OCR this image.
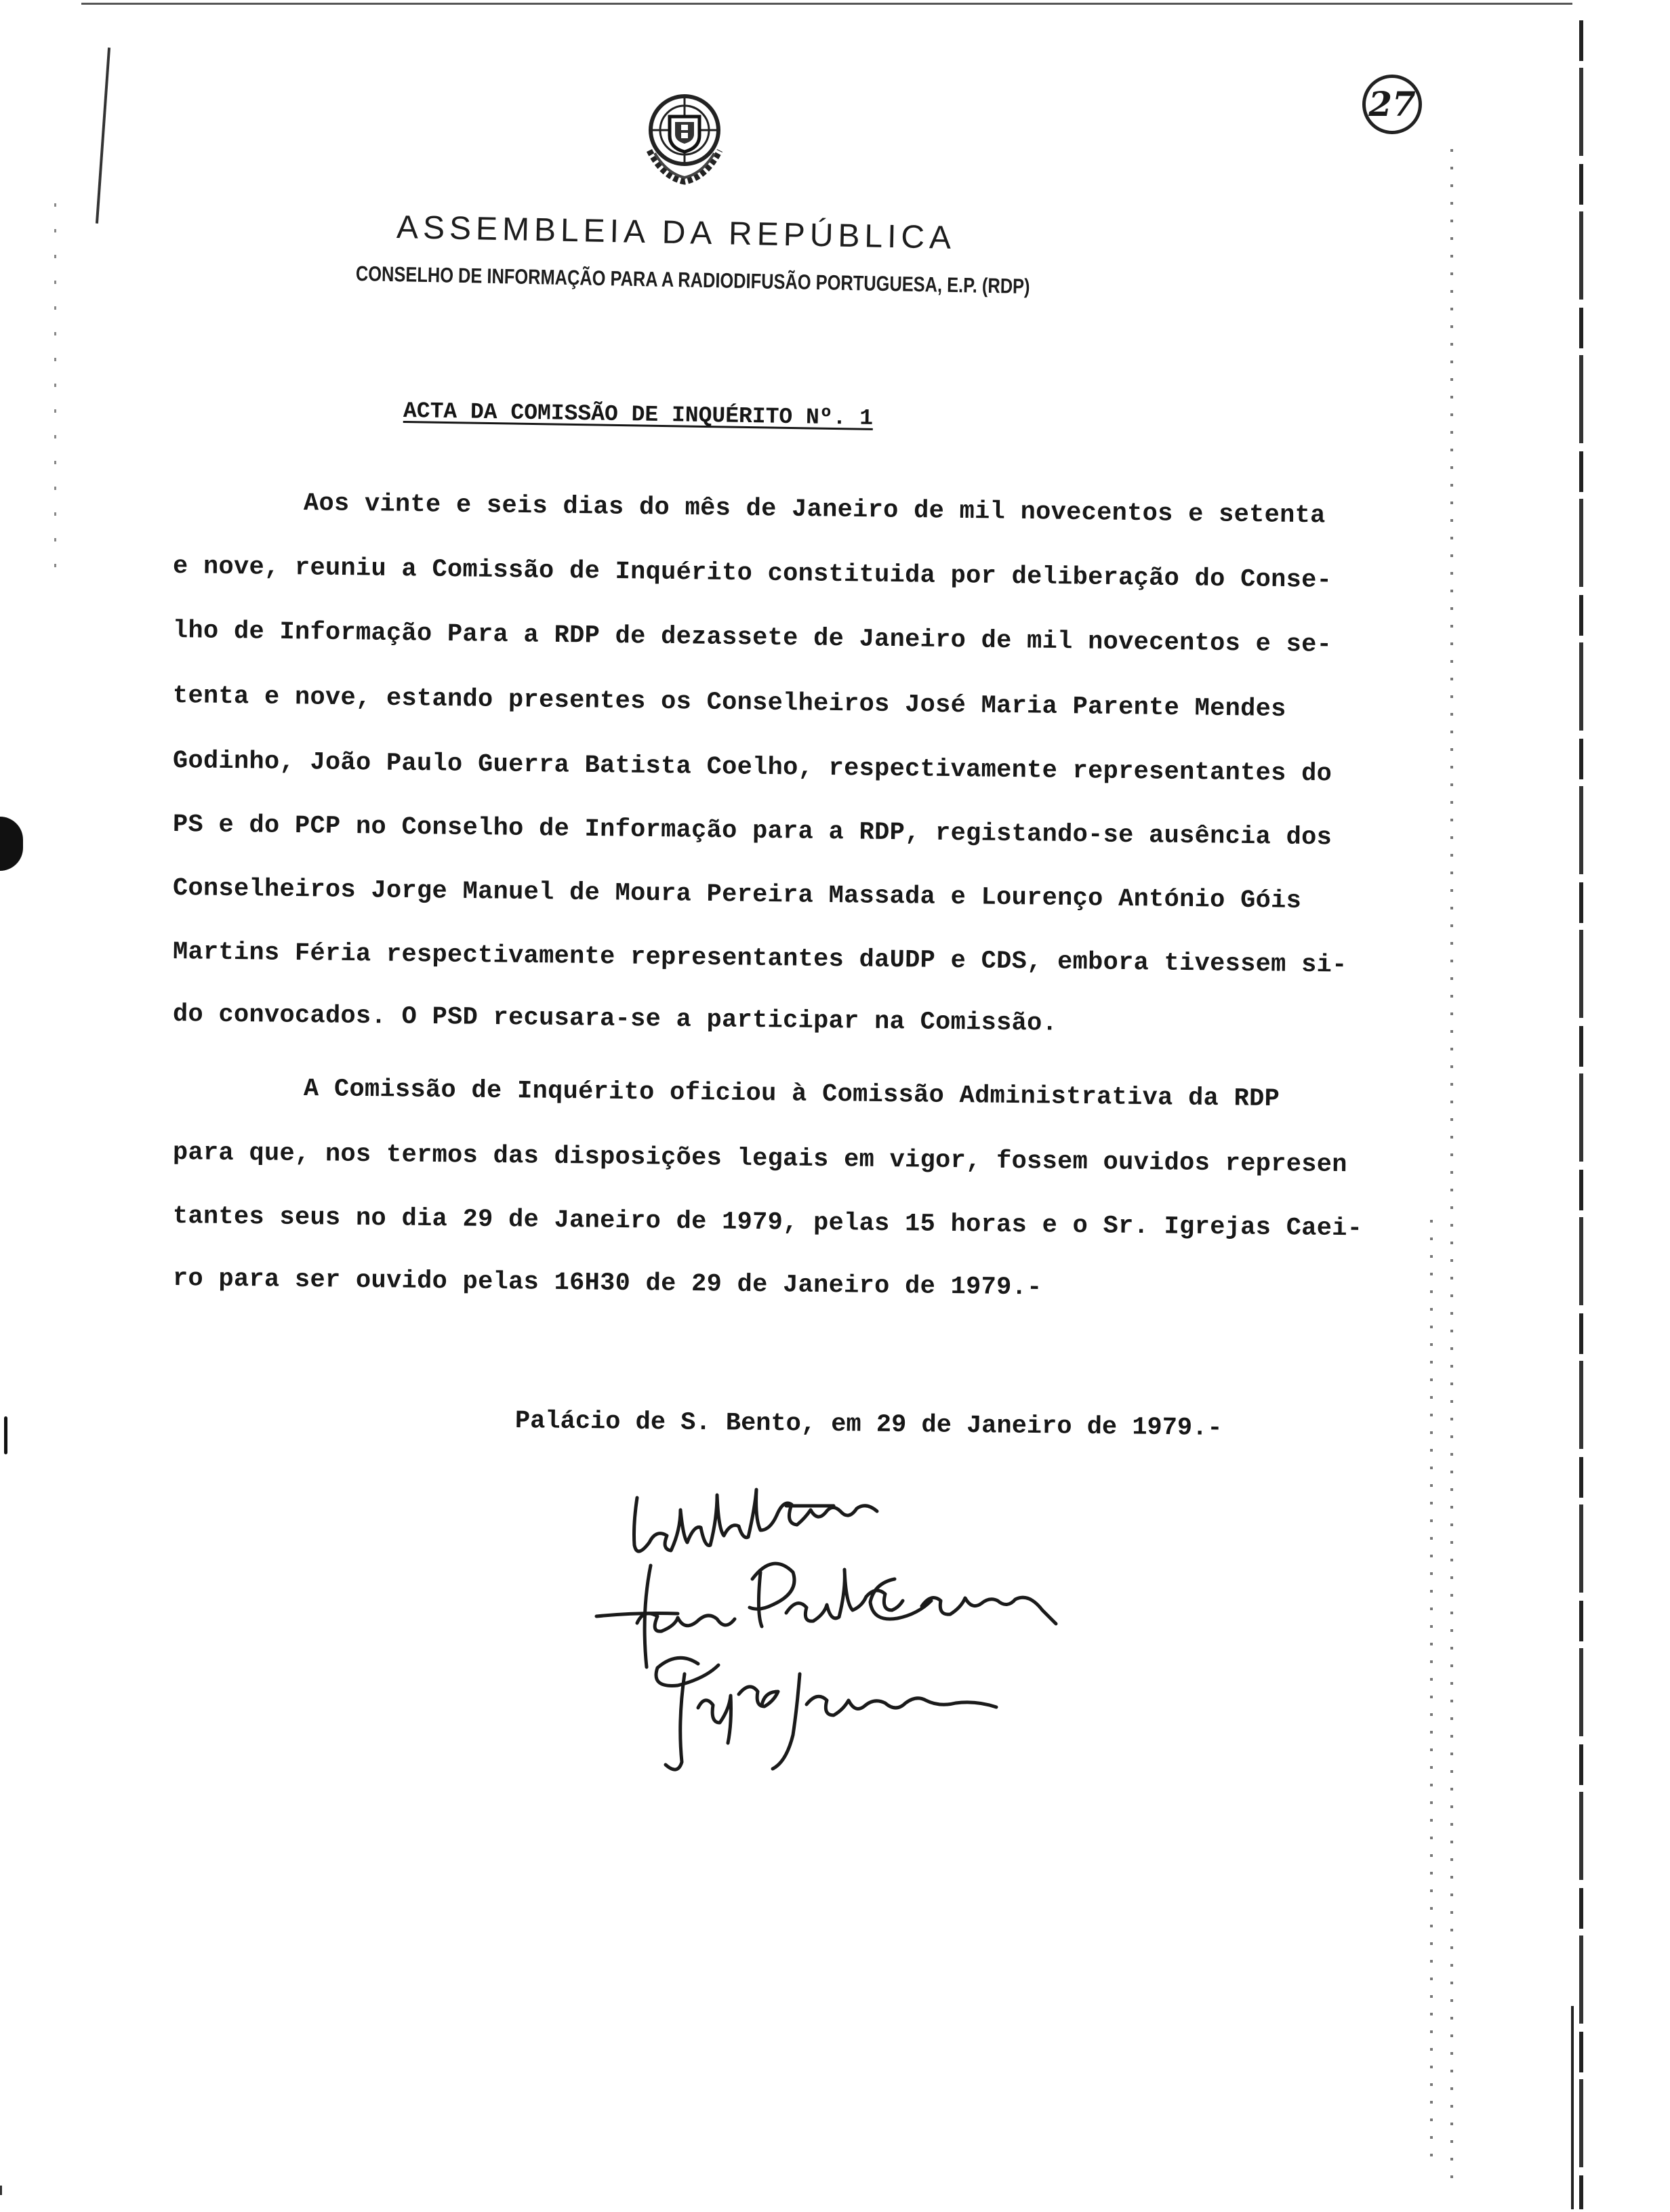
27
ASSEMBLEIA DA REPÚBLICA
CONSELHO DE INFORMAÇÃO PARA A RADIODIFUSÃO PORTUGUESA, E.P. (RDP)
ACTA DA COMISSÃO DE INQUÉRITO Nº. 1
Aos vinte e seis dias do mês de Janeiro de mil novecentos e setenta
e nove, reuniu a Comissão de Inquérito constituida por deliberação do Conse-
lho de Informação Para a RDP de dezassete de Janeiro de mil novecentos e se-
tenta e nove, estando presentes os Conselheiros José Maria Parente Mendes
Godinho, João Paulo Guerra Batista Coelho, respectivamente representantes do
PS e do PCP no Conselho de Informação para a RDP, registando-se ausência dos
Conselheiros Jorge Manuel de Moura Pereira Massada e Lourenço António Góis
Martins Féria respectivamente representantes daUDP e CDS, embora tivessem si-
do convocados. O PSD recusara-se a participar na Comissão.
A Comissão de Inquérito oficiou à Comissão Administrativa da RDP
para que, nos termos das disposições legais em vigor, fossem ouvidos represen
tantes seus no dia 29 de Janeiro de 1979, pelas 15 horas e o Sr. Igrejas Caei-
ro para ser ouvido pelas 16H30 de 29 de Janeiro de 1979.-
Palácio de S. Bento, em 29 de Janeiro de 1979.-
